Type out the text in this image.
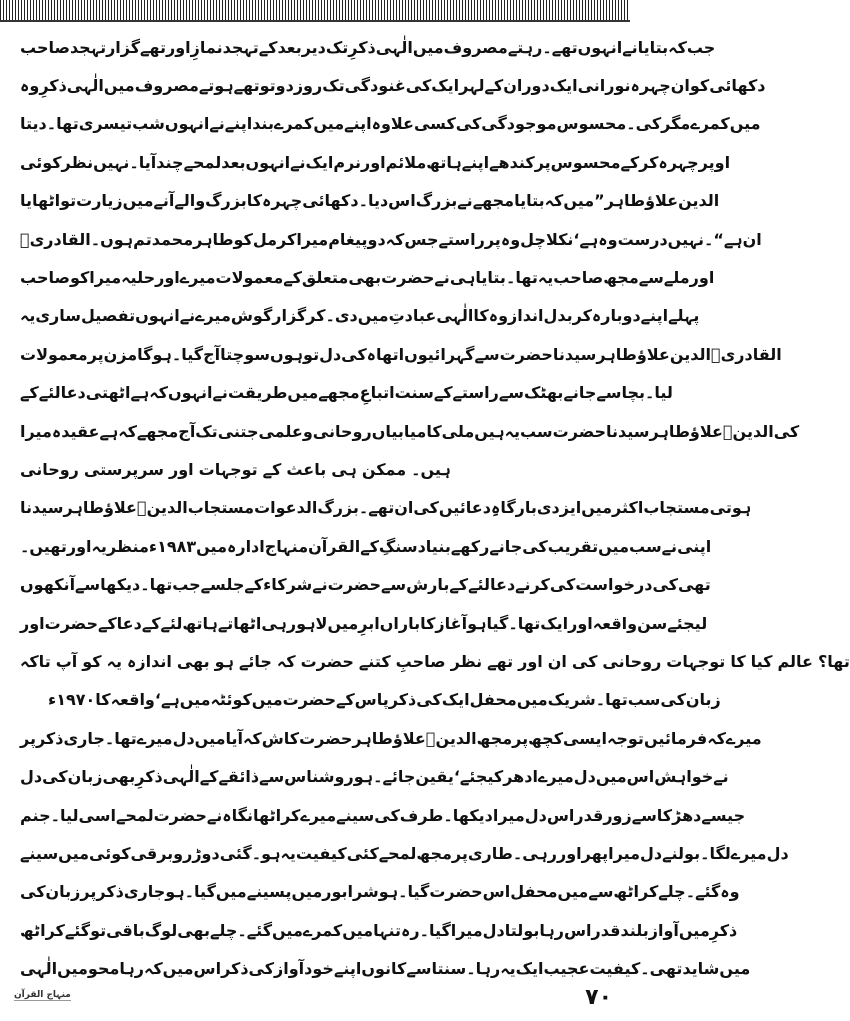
صاحب تہجد گزار تھے اور نمازِ تہجد کے بعد دیر تک ذکرِ الٰہی میں مصروف رہتے تھے۔ انہوں نے بتایا کہ جب
وہ ذکرِ الٰہی میں مصروف ہوتے تھے تو دو روز تک غنودگی کی ایک لہر کے دوران ایک نورانی چہرہ ان کو دکھائی
دیتا تھا۔ تیسری شب انہوں نے اپنے بند کمرے میں اپنے علاوہ کسی کی موجودگی محسوس کی۔ مگر کمرے میں
کوئی نظر نہیں آیا۔ چند لمحے بعد انہوں نے ایک نرم اور ملائم ہاتھ اپنے کندھے پر محسوس کرکے چہرہ اوپر
اٹھایا تو زیارت میں آنے والے بزرگ کا چہرہ دکھائی دیا۔ اس بزرگ نے مجھے بتایا کہ ”میں طاہر علاؤ الدین
القادریؒ ہوں۔ تم محمد طاہر کو مل کر میرا پیغام دو کہ جس راستے پر وہ چل نکلا ہے‘ وہ درست نہیں ہے“۔ ان
صاحب کو میرا حلیہ اور میرے معمولات کے متعلق بھی حضرت نے ہی بتایا تھا۔ یہ صاحب مجھ سے ملے اور
یہ ساری تفصیل انہوں نے میرے گوش گزار کر دی۔ میں عبادتِ الٰہی کا وہ انداز بدل کر دوبارہ اپنے پہلے
معمولات پر گامزن ہو گیا۔ آج سوچتا ہوں تو دل کی اتھاہ گہرائیوں سے حضرت سیدنا طاہر علاؤ الدین القادریؒ
کے لئے دعا اٹھتی ہے کہ انہوں نے طریقت میں مجھے اتباعِ سنت کے راستے سے بھٹک جانے سے بچا لیا۔
میرا عقیدہ ہے کہ مجھے آج تک جتنی علمی و روحانی کامیابیاں ملی ہیں یہ سب حضرت سیدنا طاہر علاؤ الدینؒ کی
روحانی سرپرستی اور توجہات کے باعث ہی ممکن ہیں۔
سیدنا طاہر علاؤ الدینؒ مستجاب الدعوات بزرگ تھے۔ ان کی دعائیں بارگاہِ ایزدی میں اکثر مستجاب ہوتی
تھیں۔ اور یہ منظر ۱۹۸۳ء میں ادارہ منہاج القرآن کے سنگِ بنیاد رکھے جانے کی تقریب میں سب نے اپنی
آنکھوں سے دیکھا تھا۔ جب جلسے کے شرکاء نے حضرت سے بارش کے لئے دعا کرنے کی درخواست کی تھی
اور حضرت کے دعا کے لئے ہاتھ اٹھاتے ہی لاہور میں ابرِ باراں کا آغاز ہو گیا تھا۔ ایک اور واقعہ سن لیجئے
تاکہ آپ کو یہ اندازہ بھی ہو جائے کہ حضرت کتنے صاحبِ نظر تھے اور ان کی روحانی توجہات کا کیا عالم تھا؟
۱۹۷۰ء کا واقعہ ہے‘ میں کوئٹہ میں حضرت کے پاس ذکر کی ایک محفل میں شریک تھا۔ سب کی زبان
پر ذکر جاری تھا۔ میرے دل میں آیا کہ کاش حضرت طاہر علاؤ الدینؒ مجھ پر کچھ ایسی توجہ فرمائیں کہ میرے
دل کی زبان بھی ذکرِ الٰہی کے ذائقے سے روشناس ہو جائے۔ یقین کیجئے‘ ادھر میرے دل میں اس خواہش نے
جنم لیا۔ اسی لمحے حضرت نے نگاہ اٹھا کر میرے سینے کی طرف دیکھا۔ میرا دل اس قدر زور سے دھڑکا جیسے
سینے میں کوئی برقی رو دوڑ گئی ہو۔ یہ کیفیت کئی لمحے مجھ پر طاری رہی۔ اور پھر میرا دل بولنے لگا۔ میرے دل
کی زبان پر ذکر جاری ہو گیا۔ میں پسینے میں شرابور ہو گیا۔ حضرت اس محفل میں سے اٹھ کر چلے گئے۔ وہ
اٹھ کر گئے تو باقی لوگ بھی چلے گئے۔ میں کمرے میں تنہا رہ گیا۔ میرا دل بولتا رہا اس قدر بلند آواز میں ذکرِ
الٰہی میں محو رہا کہ میں اس ذکر کی آواز خود اپنے کانوں سے سنتا رہا۔ یہ ایک عجیب کیفیت تھی۔ شاید میں
منہاج القرآن	۷۰
